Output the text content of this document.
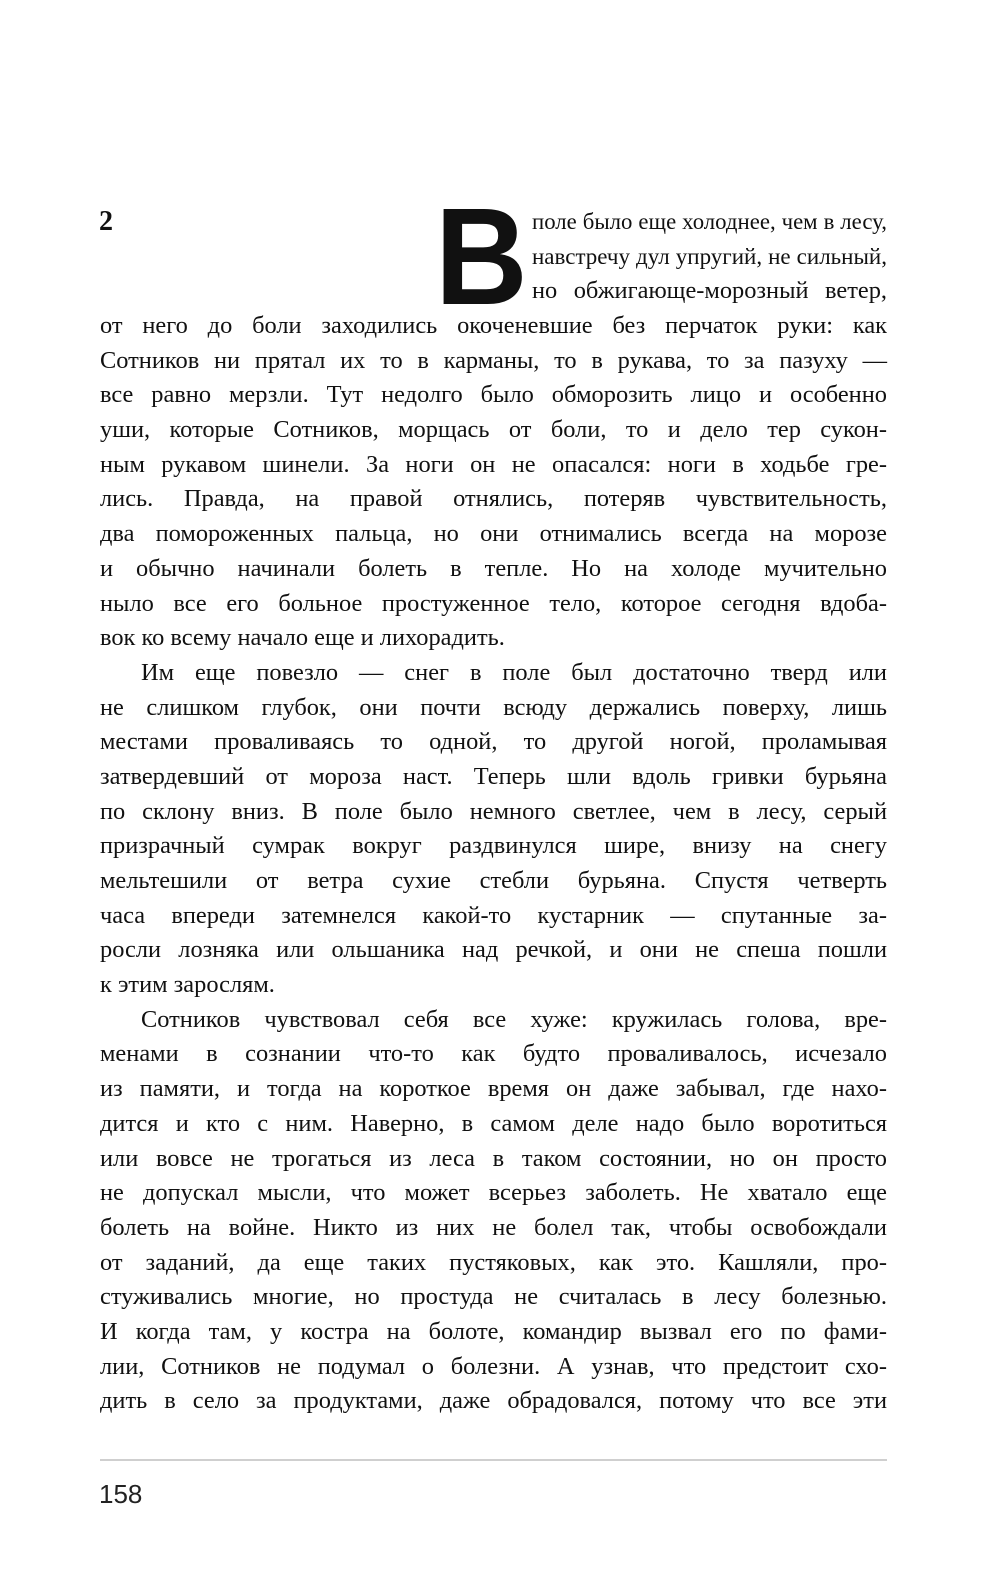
2 В поле было еще холоднее, чем в лесу,
навстречу дул упругий, не сильный,
но обжигающе-морозный ветер,
от него до боли заходились окоченевшие без перчаток руки: как
Сотников ни прятал их то в карманы, то в рукава, то за пазуху —
все равно мерзли. Тут недолго было обморозить лицо и особенно
уши, которые Сотников, морщась от боли, то и дело тер сукон-
ным рукавом шинели. За ноги он не опасался: ноги в ходьбе гре-
лись. Правда, на правой отнялись, потеряв чувствительность,
два помороженных пальца, но они отнимались всегда на морозе
и обычно начинали болеть в тепле. Но на холоде мучительно
ныло все его больное простуженное тело, которое сегодня вдоба-
вок ко всему начало еще и лихорадить.
Им еще повезло — снег в поле был достаточно тверд или
не слишком глубок, они почти всюду держались поверху, лишь
местами проваливаясь то одной, то другой ногой, проламывая
затвердевший от мороза наст. Теперь шли вдоль гривки бурьяна
по склону вниз. В поле было немного светлее, чем в лесу, серый
призрачный сумрак вокруг раздвинулся шире, внизу на снегу
мельтешили от ветра сухие стебли бурьяна. Спустя четверть
часа впереди затемнелся какой-то кустарник — спутанные за-
росли лозняка или ольшаника над речкой, и они не спеша пошли
к этим зарослям.
Сотников чувствовал себя все хуже: кружилась голова, вре-
менами в сознании что-то как будто проваливалось, исчезало
из памяти, и тогда на короткое время он даже забывал, где нахо-
дится и кто с ним. Наверно, в самом деле надо было воротиться
или вовсе не трогаться из леса в таком состоянии, но он просто
не допускал мысли, что может всерьез заболеть. Не хватало еще
болеть на войне. Никто из них не болел так, чтобы освобождали
от заданий, да еще таких пустяковых, как это. Кашляли, про-
стуживались многие, но простуда не считалась в лесу болезнью.
И когда там, у костра на болоте, командир вызвал его по фами-
лии, Сотников не подумал о болезни. А узнав, что предстоит схо-
дить в село за продуктами, даже обрадовался, потому что все эти
158
